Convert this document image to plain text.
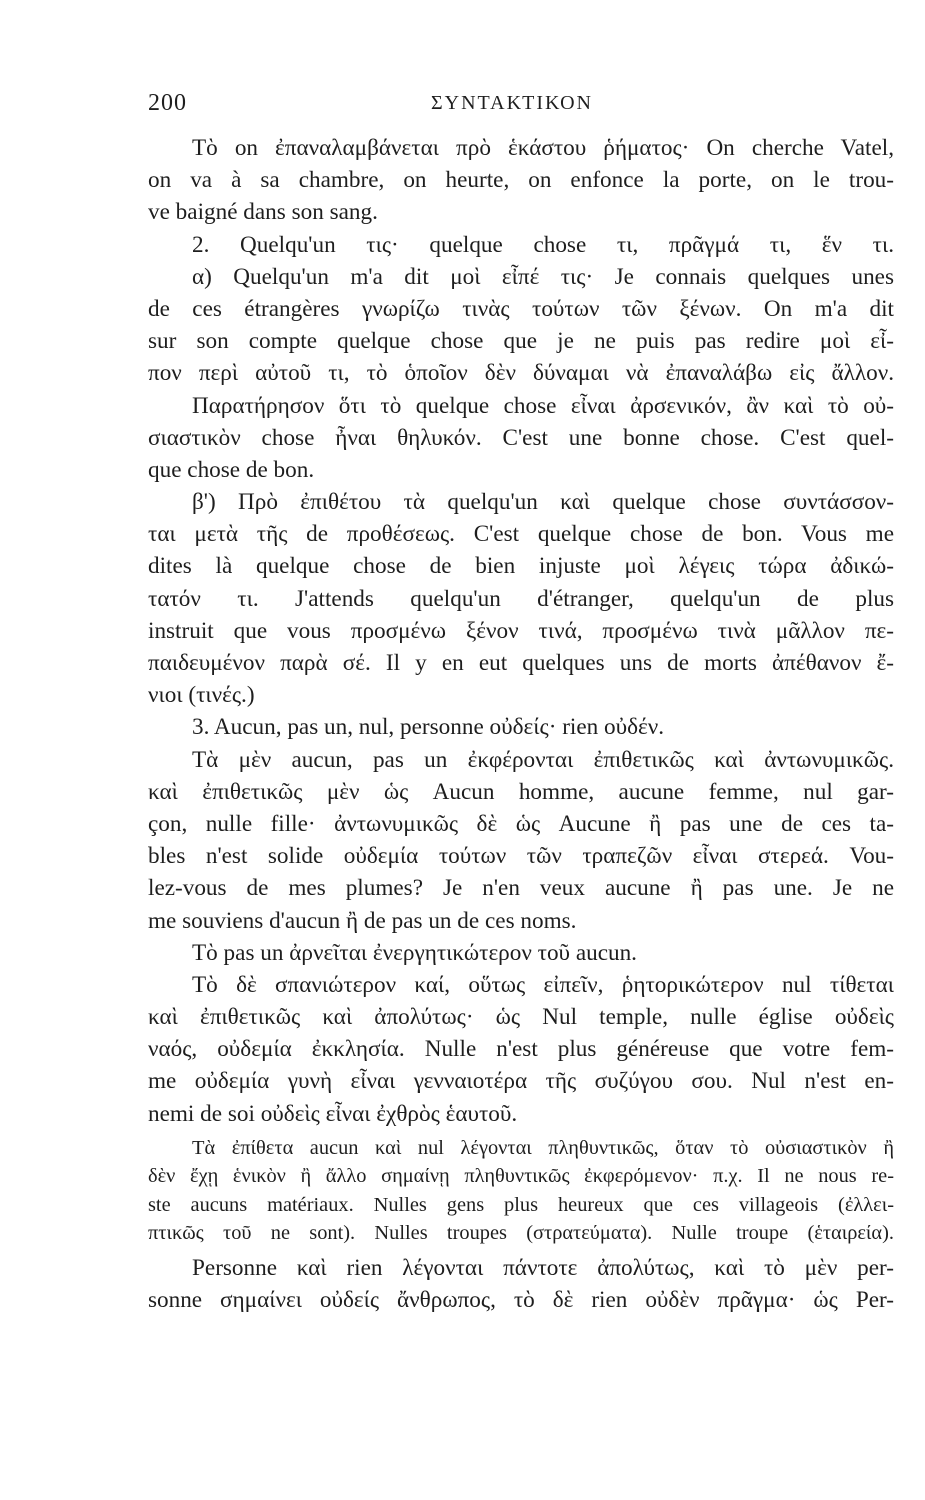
200	ΣΥΝΤΑΚΤΙΚΟΝ
Τὸ on ἐπαναλαμβάνεται πρὸ ἑκάστου ῥήματος· On cherche Vatel,
on va à sa chambre, on heurte, on enfonce la porte, on le trou-
ve baigné dans son sang.
2. Quelqu'un τις· quelque chose τι, πρᾶγμά τι, ἕν τι.
α) Quelqu'un m'a dit μοὶ εἶπέ τις· Je connais quelques unes
de ces étrangères γνωρίζω τινὰς τούτων τῶν ξένων. On m'a dit
sur son compte quelque chose que je ne puis pas redire μοὶ εἶ-
πον περὶ αὐτοῦ τι, τὸ ὁποῖον δὲν δύναμαι νὰ ἐπαναλάβω εἰς ἄλλον.
Παρατήρησον ὅτι τὸ quelque chose εἶναι ἀρσενικόν, ἂν καὶ τὸ οὐ-
σιαστικὸν chose ἦναι θηλυκόν. C'est une bonne chose. C'est quel-
que chose de bon.
β') Πρὸ ἐπιθέτου τὰ quelqu'un καὶ quelque chose συντάσσον-
ται μετὰ τῆς de προθέσεως. C'est quelque chose de bon. Vous me
dites là quelque chose de bien injuste μοὶ λέγεις τώρα ἀδικώ-
τατόν τι. J'attends quelqu'un d'étranger, quelqu'un de plus
instruit que vous προσμένω ξένον τινά, προσμένω τινὰ μᾶλλον πε-
παιδευμένον παρὰ σέ. Il y en eut quelques uns de morts ἀπέθανον ἔ-
νιοι (τινές.)
3. Aucun, pas un, nul, personne οὐδείς· rien οὐδέν.
Τὰ μὲν aucun, pas un ἐκφέρονται ἐπιθετικῶς καὶ ἀντωνυμικῶς.
καὶ ἐπιθετικῶς μὲν ὡς Aucun homme, aucune femme, nul gar-
çon, nulle fille· ἀντωνυμικῶς δὲ ὡς Aucune ἢ pas une de ces ta-
bles n'est solide οὐδεμία τούτων τῶν τραπεζῶν εἶναι στερεά. Vou-
lez-vous de mes plumes? Je n'en veux aucune ἢ pas une. Je ne
me souviens d'aucun ἢ de pas un de ces noms.
Τὸ pas un ἀρνεῖται ἐνεργητικώτερον τοῦ aucun.
Τὸ δὲ σπανιώτερον καί, οὕτως εἰπεῖν, ῥητορικώτερον nul τίθεται
καὶ ἐπιθετικῶς καὶ ἀπολύτως· ὡς Nul temple, nulle église οὐδεὶς
ναός, οὐδεμία ἐκκλησία. Nulle n'est plus généreuse que votre fem-
me οὐδεμία γυνὴ εἶναι γενναιοτέρα τῆς συζύγου σου. Nul n'est en-
nemi de soi οὐδεὶς εἶναι ἐχθρὸς ἑαυτοῦ.
Τὰ ἐπίθετα aucun καὶ nul λέγονται πληθυντικῶς, ὅταν τὸ οὐσιαστικὸν ἢ
δὲν ἔχῃ ἑνικὸν ἢ ἄλλο σημαίνῃ πληθυντικῶς ἐκφερόμενον· π.χ. Il ne nous re-
ste aucuns matériaux. Nulles gens plus heureux que ces villageois (ἐλλει-
πτικῶς τοῦ ne sont). Nulles troupes (στρατεύματα). Nulle troupe (ἑταιρεία).
Personne καὶ rien λέγονται πάντοτε ἀπολύτως, καὶ τὸ μὲν per-
sonne σημαίνει οὐδείς ἄνθρωπος, τὸ δὲ rien οὐδὲν πρᾶγμα· ὡς Per-
